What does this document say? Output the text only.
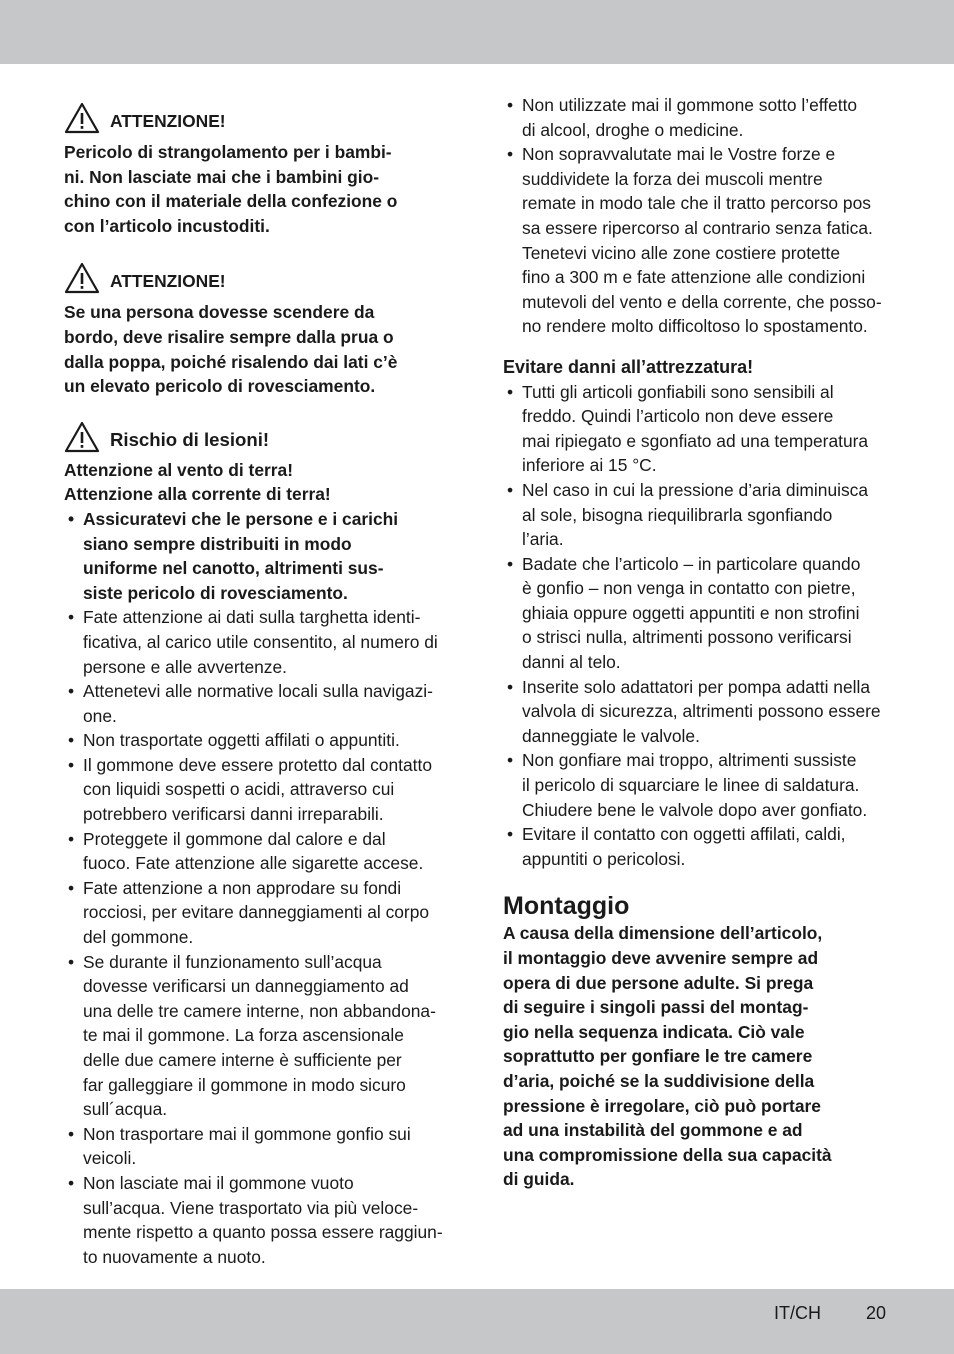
ATTENZIONE!

Pericolo di strangolamento per i bambi-

ni. Non lasciate mai che i bambini gio-

chino con il materiale della confezione o

con l’articolo incustoditi.

ATTENZIONE!

Se una persona dovesse scendere da

bordo, deve risalire sempre dalla prua o

dalla poppa, poiché risalendo dai lati c’è

un elevato pericolo di rovesciamento.

Rischio di lesioni!

Attenzione al vento di terra!

Attenzione alla corrente di terra!

• Assicuratevi che le persone e i carichi
siano sempre distribuiti in modo
uniforme nel canotto, altrimenti sus-
siste pericolo di rovesciamento.
• Fate attenzione ai dati sulla targhetta identi-
ficativa, al carico utile consentito, al numero di
persone e alle avvertenze.
• Attenetevi alle normative locali sulla navigazi-
one.
• Non trasportate oggetti affilati o appuntiti.
• Il gommone deve essere protetto dal contatto
con liquidi sospetti o acidi, attraverso cui
potrebbero verificarsi danni irreparabili.
• Proteggete il gommone dal calore e dal
fuoco. Fate attenzione alle sigarette accese.
• Fate attenzione a non approdare su fondi
rocciosi, per evitare danneggiamenti al corpo
del gommone.
• Se durante il funzionamento sull’acqua
dovesse verificarsi un danneggiamento ad
una delle tre camere interne, non abbandona-
te mai il gommone. La forza ascensionale
delle due camere interne è sufficiente per
far galleggiare il gommone in modo sicuro
sull´acqua.
• Non trasportare mai il gommone gonfio sui
veicoli.
• Non lasciate mai il gommone vuoto
sull’acqua. Viene trasportato via più veloce-
mente rispetto a quanto possa essere raggiun-
to nuovamente a nuoto.
• Non utilizzate mai il gommone sotto l’effetto
di alcool, droghe o medicine.
• Non sopravvalutate mai le Vostre forze e
suddividete la forza dei muscoli mentre
remate in modo tale che il tratto percorso pos
sa essere ripercorso al contrario senza fatica.
Tenetevi vicino alle zone costiere protette
fino a 300 m e fate attenzione alle condizioni
mutevoli del vento e della corrente, che posso-
no rendere molto difficoltoso lo spostamento.

Evitare danni all’attrezzatura!

• Tutti gli articoli gonfiabili sono sensibili al
freddo. Quindi l’articolo non deve essere
mai ripiegato e sgonfiato ad una temperatura
inferiore ai 15 °C.
• Nel caso in cui la pressione d’aria diminuisca
al sole, bisogna riequilibrarla sgonfiando
l’aria.
• Badate che l’articolo – in particolare quando
è gonfio – non venga in contatto con pietre,
ghiaia oppure oggetti appuntiti e non strofini
o strisci nulla, altrimenti possono verificarsi
danni al telo.
• Inserite solo adattatori per pompa adatti nella
valvola di sicurezza, altrimenti possono essere
danneggiate le valvole.
• Non gonfiare mai troppo, altrimenti sussiste
il pericolo di squarciare le linee di saldatura.
Chiudere bene le valvole dopo aver gonfiato.
• Evitare il contatto con oggetti affilati, caldi,
appuntiti o pericolosi.

Montaggio

A causa della dimensione dell’articolo,

il montaggio deve avvenire sempre ad

opera di due persone adulte. Si prega

di seguire i singoli passi del montag-

gio nella sequenza indicata. Ciò vale

soprattutto per gonfiare le tre camere

d’aria, poiché se la suddivisione della

pressione è irregolare, ciò può portare

ad una instabilità del gommone e ad

una compromissione della sua capacità

di guida.

IT/CH	20
